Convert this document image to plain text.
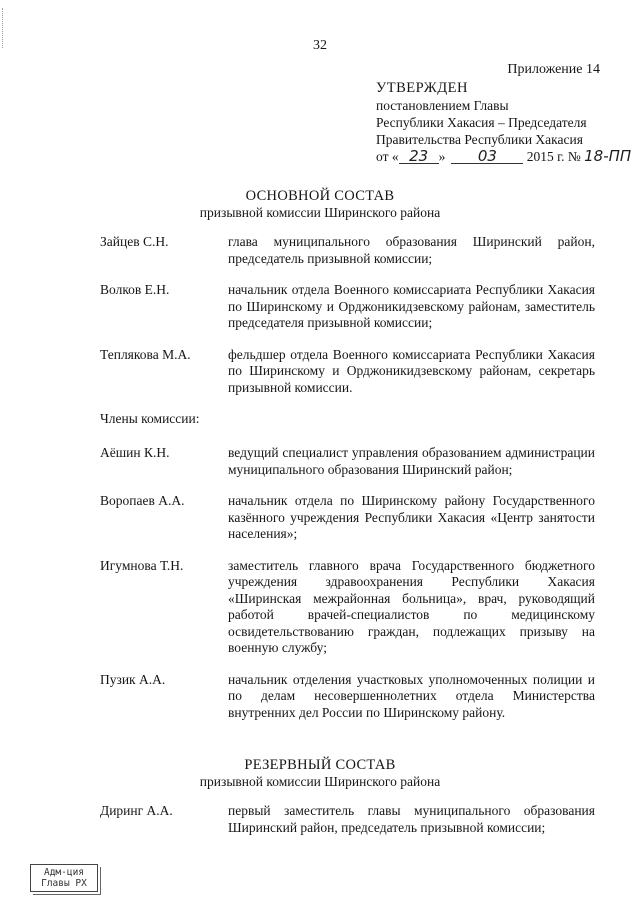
32
Приложение 14
УТВЕРЖДЕН
постановлением Главы
Республики Хакасия – Председателя
Правительства Республики Хакасия
от « 23 » 03 2015 г. № 18-ПП
ОСНОВНОЙ СОСТАВ
призывной комиссии Ширинского района
Зайцев С.Н.	глава муниципального образования Ширинский район, председатель призывной комиссии;
Волков Е.Н.	начальник отдела Военного комиссариата Республики Хакасия по Ширинскому и Орджоникидзевскому районам, заместитель председателя призывной комиссии;
Теплякова М.А.	фельдшер отдела Военного комиссариата Республики Хакасия по Ширинскому и Орджоникидзевскому районам, секретарь призывной комиссии.
Члены комиссии:
Аёшин К.Н.	ведущий специалист управления образованием администрации муниципального образования Ширинский район;
Воропаев А.А.	начальник отдела по Ширинскому району Государственного казённого учреждения Республики Хакасия «Центр занятости населения»;
Игумнова Т.Н.	заместитель главного врача Государственного бюджетного учреждения здравоохранения Республики Хакасия «Ширинская межрайонная больница», врач, руководящий работой врачей-специалистов по медицинскому освидетельствованию граждан, подлежащих призыву на военную службу;
Пузик А.А.	начальник отделения участковых уполномоченных полиции и по делам несовершеннолетних отдела Министерства внутренних дел России по Ширинскому району.
РЕЗЕРВНЫЙ СОСТАВ
призывной комиссии Ширинского района
Диринг А.А.	первый заместитель главы муниципального образования Ширинский район, председатель призывной комиссии;
Адм-ция
Главы РХ
